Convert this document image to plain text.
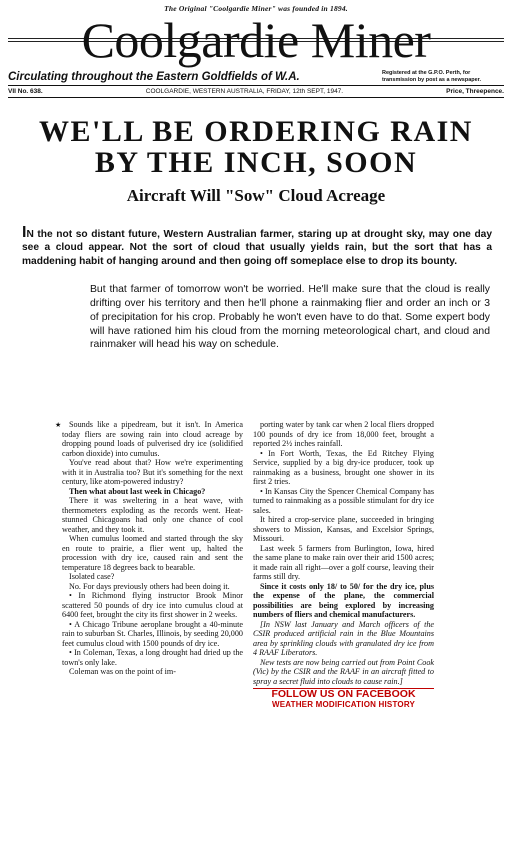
The Original "Coolgardie Miner" was founded in 1894.
Coolgardie Miner
Circulating throughout the Eastern Goldfields of W.A.	Registered at the G.P.O. Perth, for transmission by post as a newspaper.
VII No. 638.	COOLGARDIE, WESTERN AUSTRALIA, FRIDAY, 12th SEPT, 1947.	Price, Threepence.
WE'LL BE ORDERING RAIN
BY THE INCH, SOON
Aircraft Will "Sow" Cloud Acreage
IN the not so distant future, Western Australian farmer, staring up at drought sky, may one day see a cloud appear. Not the sort of cloud that usually yields rain, but the sort that has a maddening habit of hanging around and then going off someplace else to drop its bounty.
But that farmer of tomorrow won't be worried. He'll make sure that the cloud is really drifting over his territory and then he'll phone a rainmaking flier and order an inch or 3 of precipitation for his crop. Probably he won't even have to do that. Some expert body will have rationed him his cloud from the morning meteorological chart, and cloud and rainmaker will head his way on schedule.
★ Sounds like a pipedream, but it isn't. In America today fliers are sowing rain into cloud acreage by dropping pound loads of pulverised dry ice (solidified carbon dioxide) into cumulus.

You've read about that? How we're experimenting with it in Australia too? But it's something for the next century, like atom-powered industry?

Then what about last week in Chicago?

There it was sweltering in a heat wave, with thermometers exploding as the records went. Heat-stunned Chicagoans had only one chance of cool weather, and they took it.

When cumulus loomed and started through the sky en route to prairie, a flier went up, halted the procession with dry ice, caused rain and sent the temperature 18 degrees back to bearable.

Isolated case?

No. For days previously others had been doing it.

• In Richmond flying instructor Brook Minor scattered 50 pounds of dry ice into cumulus cloud at 6400 feet, brought the city its first shower in 2 weeks.

• A Chicago Tribune aeroplane brought a 40-minute rain to suburban St. Charles, Illinois, by seeding 20,000 feet cumulus cloud with 1500 pounds of dry ice.

• In Coleman, Texas, a long drought had dried up the town's only lake.

Coleman was on the point of im-

porting water by tank car when 2 local fliers dropped 100 pounds of dry ice from 18,000 feet, brought a reported 2½ inches rainfall.

• In Fort Worth, Texas, the Ed Ritchey Flying Service, supplied by a big dry-ice producer, took up rainmaking as a business, brought one shower in its first 2 tries.

• In Kansas City the Spencer Chemical Company has turned to rainmaking as a possible stimulant for dry ice sales.

It hired a crop-service plane, succeeded in bringing showers to Mission, Kansas, and Excelsior Springs, Missouri.

Last week 5 farmers from Burlington, Iowa, hired the same plane to make rain over their arid 1500 acres; it made rain all right—over a golf course, leaving their farms still dry.

Since it costs only 18/ to 50/ for the dry ice, plus the expense of the plane, the commercial possibilities are being explored by increasing numbers of fliers and chemical manufacturers.

[In NSW last January and March officers of the CSIR produced artificial rain in the Blue Mountains area by sprinkling clouds with granulated dry ice from 4 RAAF Liberators.

New tests are now being carried out from Point Cook (Vic) by the CSIR and the RAAF in an aircraft fitted to spray a secret fluid into clouds to cause rain.]

FOLLOW US ON FACEBOOK
WEATHER MODIFICATION HISTORY
